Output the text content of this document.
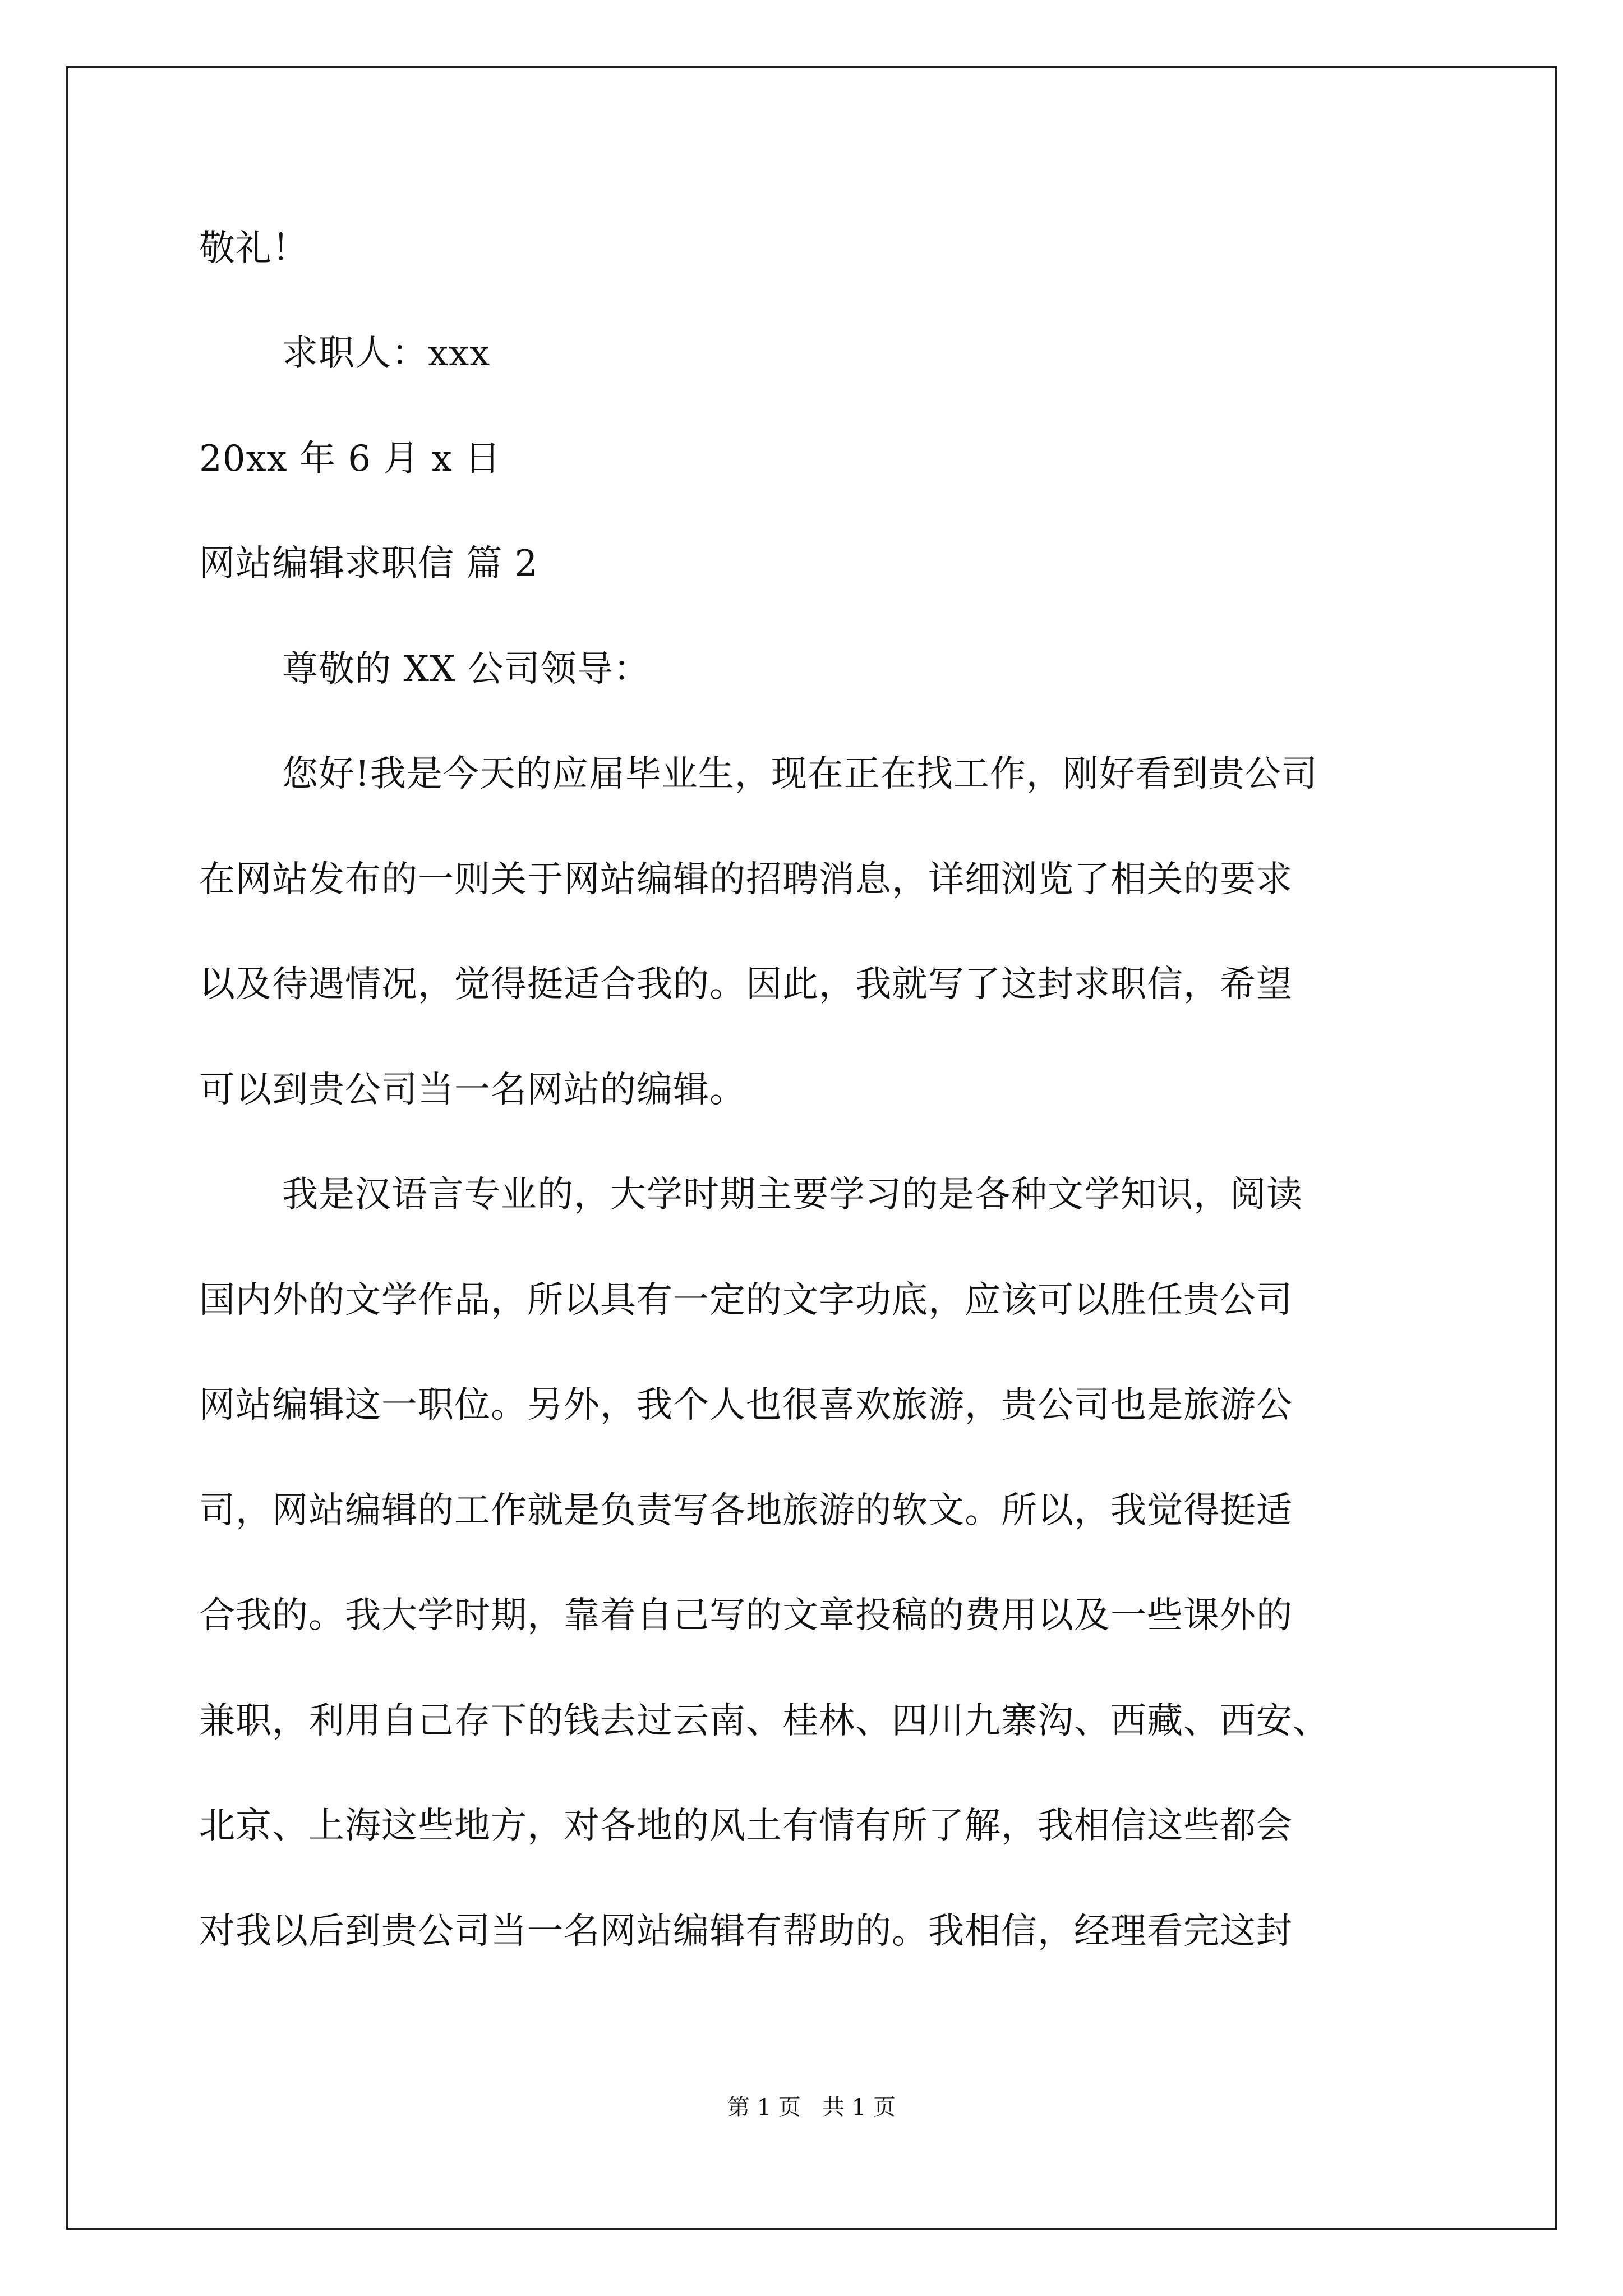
敬礼！
求职人：xxx
20xx 年 6 月 x 日
网站编辑求职信 篇 2
尊敬的 XX 公司领导：
您好!我是今天的应届毕业生，现在正在找工作，刚好看到贵公司
在网站发布的一则关于网站编辑的招聘消息，详细浏览了相关的要求
以及待遇情况，觉得挺适合我的。因此，我就写了这封求职信，希望
可以到贵公司当一名网站的编辑。
我是汉语言专业的，大学时期主要学习的是各种文学知识，阅读
国内外的文学作品，所以具有一定的文字功底，应该可以胜任贵公司
网站编辑这一职位。另外，我个人也很喜欢旅游，贵公司也是旅游公
司，网站编辑的工作就是负责写各地旅游的软文。所以，我觉得挺适
合我的。我大学时期，靠着自己写的文章投稿的费用以及一些课外的
兼职，利用自己存下的钱去过云南、桂林、四川九寨沟、西藏、西安、
北京、上海这些地方，对各地的风土有情有所了解，我相信这些都会
对我以后到贵公司当一名网站编辑有帮助的。我相信，经理看完这封
第 1 页   共 1 页
